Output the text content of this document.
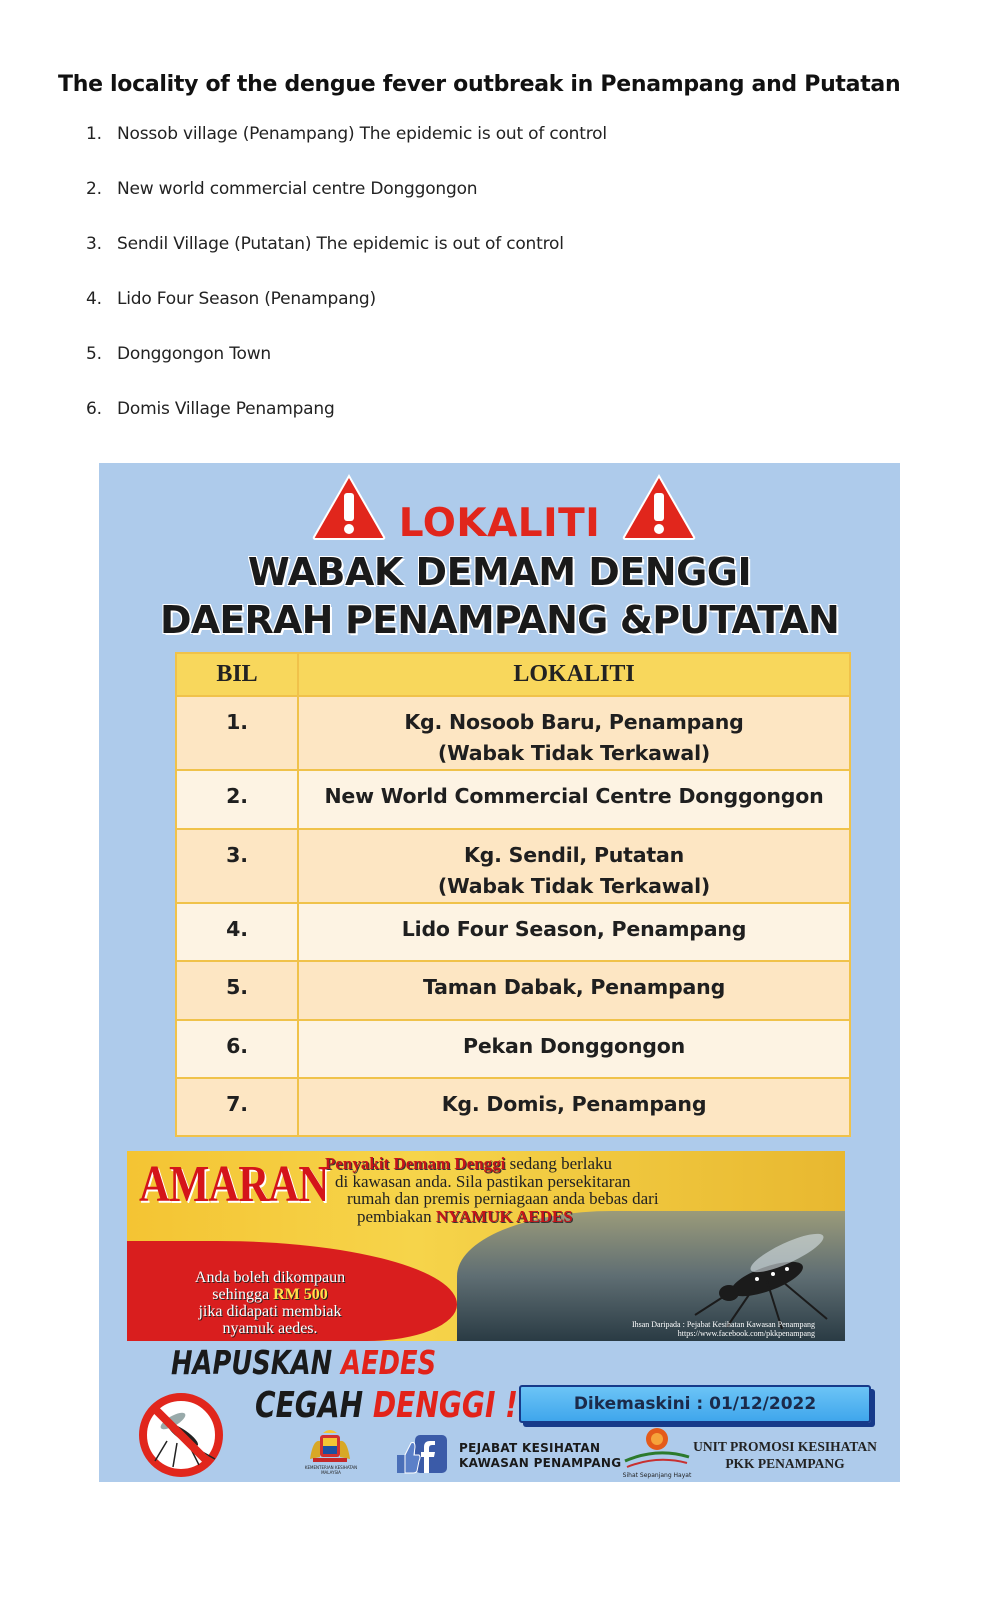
The locality of the dengue fever outbreak in Penampang and Putatan
1. Nossob village (Penampang) The epidemic is out of control
2. New world commercial centre Donggongon
3. Sendil Village (Putatan) The epidemic is out of control
4. Lido Four Season (Penampang)
5. Donggongon Town
6. Domis Village Penampang
LOKALITI
WABAK DEMAM DENGGI
DAERAH PENAMPANG &PUTATAN
BIL	LOKALITI
1.	Kg. Nosoob Baru, Penampang
(Wabak Tidak Terkawal)
2.	New World Commercial Centre Donggongon
3.	Kg. Sendil, Putatan
(Wabak Tidak Terkawal)
4.	Lido Four Season, Penampang
5.	Taman Dabak, Penampang
6.	Pekan Donggongon
7.	Kg. Domis, Penampang
AMARAN
Penyakit Demam Denggi sedang berlaku
di kawasan anda. Sila pastikan persekitaran
rumah dan premis perniagaan anda bebas dari
pembiakan NYAMUK AEDES
Anda boleh dikompaun
sehingga RM 500
jika didapati membiak
nyamuk aedes.	Ihsan Daripada : Pejabat Kesihatan Kawasan Penampang
https://www.facebook.com/pkkpenampang
HAPUSKAN AEDES
CEGAH DENGGI !	Dikemaskini : 01/12/2022
KEMENTERIAN KESIHATAN
MALAYSIA
PEJABAT KESIHATAN
KAWASAN PENAMPANG
Sihat Sepanjang Hayat
UNIT PROMOSI KESIHATAN
PKK PENAMPANG
